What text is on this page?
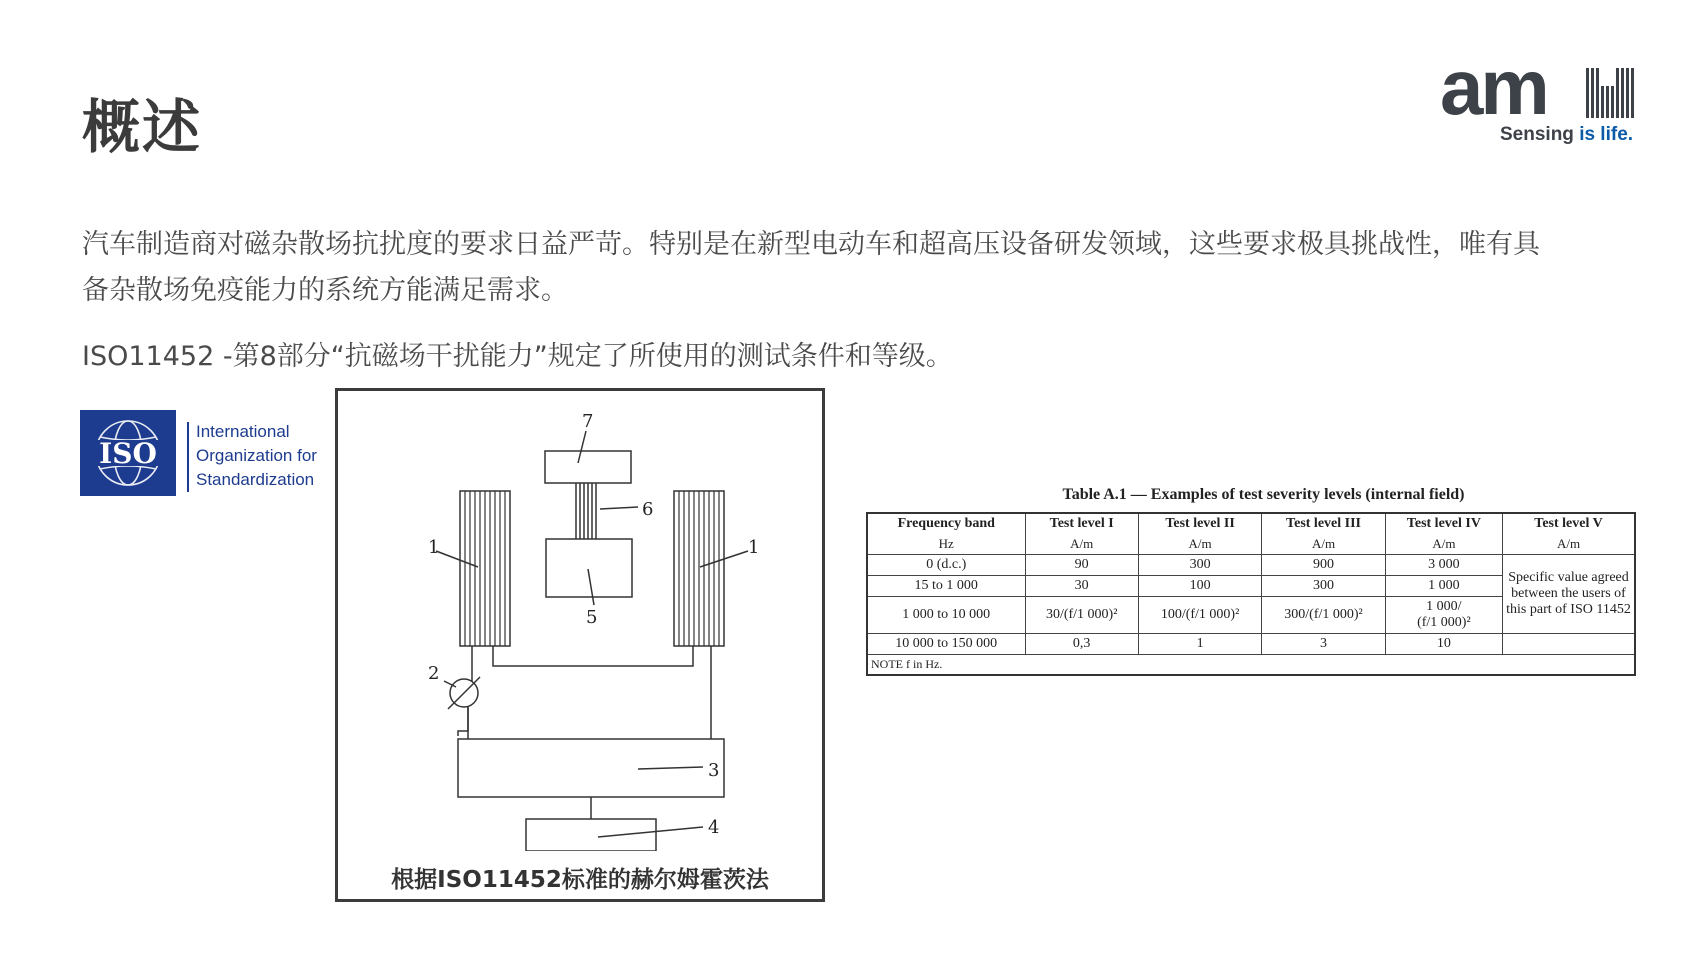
概述	am
Sensing is life.
汽车制造商对磁杂散场抗扰度的要求日益严苛。特别是在新型电动车和超高压设备研发领域，这些要求极具挑战性，唯有具备杂散场免疫能力的系统方能满足需求。
ISO11452 -第8部分“抗磁场干扰能力”规定了所使用的测试条件和等级。
ISO
International
Organization for
Standardization
1	1
2
3
4
5
6
7
根据ISO11452标准的赫尔姆霍茨法
Table A.1 — Examples of test severity levels (internal field)
Frequency band	Test level I	Test level II	Test level III	Test level IV	Test level V
Hz	A/m	A/m	A/m	A/m	A/m
0 (d.c.)	90	300	900	3 000	Specific value agreed between the users of this part of ISO 11452
15 to 1 000	30	100	300	1 000	
1 000 to 10 000	30/(f/1 000)²	100/(f/1 000)²	300/(f/1 000)²	1 000/
(f/1 000)²	
10 000 to 150 000	0,3	1	3	10	
NOTE f in Hz.					
